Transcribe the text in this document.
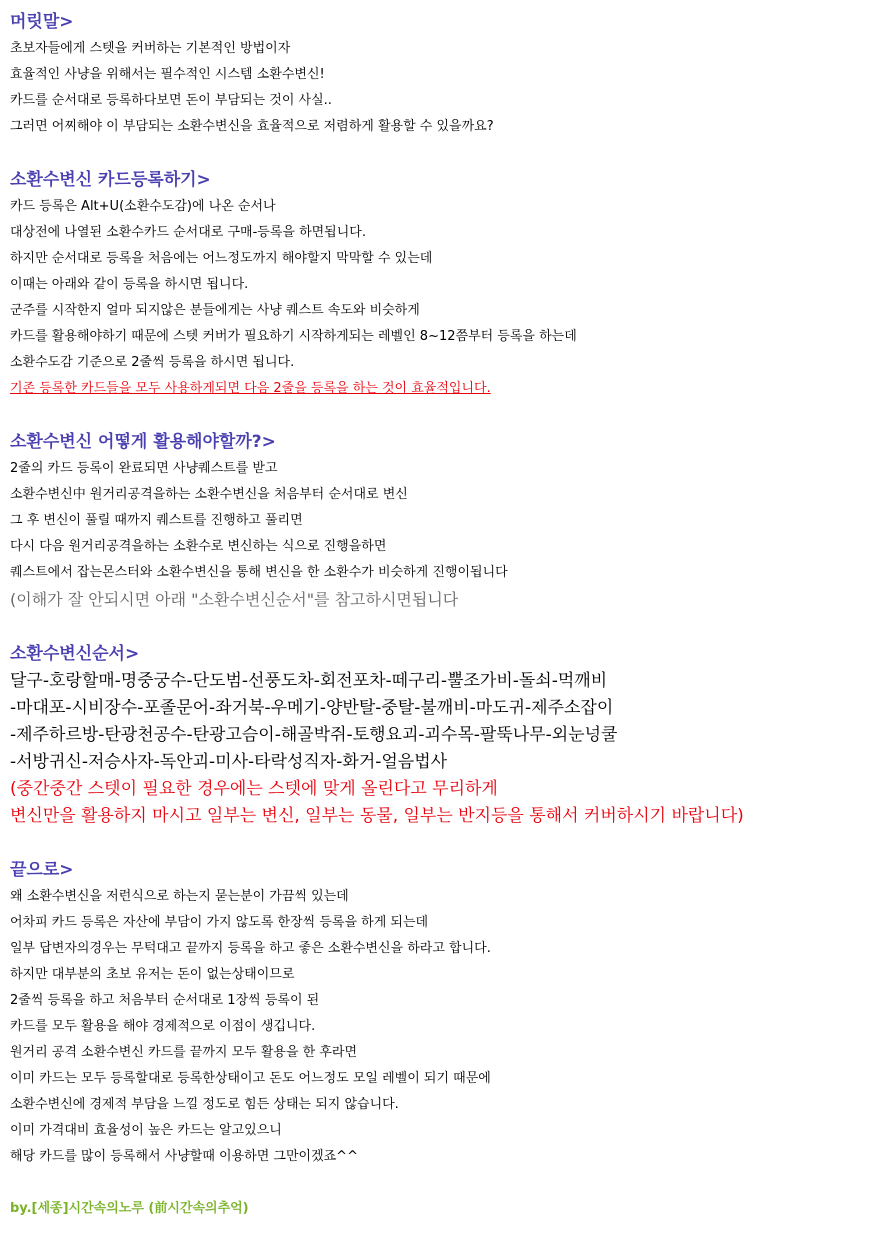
머릿말>
초보자들에게 스텟을 커버하는 기본적인 방법이자
효율적인 사냥을 위해서는 필수적인 시스템 소환수변신!
카드를 순서대로 등록하다보면 돈이 부담되는 것이 사실..
그러면 어찌해야 이 부담되는 소환수변신을 효율적으로 저렴하게 활용할 수 있을까요?
소환수변신 카드등록하기>
카드 등록은 Alt+U(소환수도감)에 나온 순서나
대상전에 나열된 소환수카드 순서대로 구매-등록을 하면됩니다.
하지만 순서대로 등록을 처음에는 어느정도까지 해야할지 막막할 수 있는데
이때는 아래와 같이 등록을 하시면 됩니다.
군주를 시작한지 얼마 되지않은 분들에게는 사냥 퀘스트 속도와 비슷하게
카드를 활용해야하기 때문에 스텟 커버가 필요하기 시작하게되는 레벨인 8~12쯤부터 등록을 하는데
소환수도감 기준으로 2줄씩 등록을 하시면 됩니다.
기존 등록한 카드들을 모두 사용하게되면 다음 2줄을 등록을 하는 것이 효율적입니다.
소환수변신 어떻게 활용해야할까?>
2줄의 카드 등록이 완료되면 사냥퀘스트를 받고
소환수변신中 원거리공격을하는 소환수변신을 처음부터 순서대로 변신
그 후 변신이 풀릴 때까지 퀘스트를 진행하고 풀리면
다시 다음 원거리공격을하는 소환수로 변신하는 식으로 진행을하면
퀘스트에서 잡는몬스터와 소환수변신을 통해 변신을 한 소환수가 비슷하게 진행이됩니다
(이해가 잘 안되시면 아래 "소환수변신순서"를 참고하시면됩니다
소환수변신순서>
달구-호랑할매-명중궁수-단도범-선풍도차-회전포차-떼구리-뿔조가비-돌쇠-먹깨비
-마대포-시비장수-포졸문어-좌거북-우메기-양반탈-중탈-불깨비-마도귀-제주소잡이
-제주하르방-탄광천공수-탄광고슴이-해골박쥐-토행요괴-괴수목-팔뚝나무-외눈넝쿨
-서방귀신-저승사자-독안괴-미사-타락성직자-화거-얼음법사
(중간중간 스텟이 필요한 경우에는 스텟에 맞게 올린다고 무리하게
변신만을 활용하지 마시고 일부는 변신, 일부는 동물, 일부는 반지등을 통해서 커버하시기 바랍니다)
끝으로>
왜 소환수변신을 저런식으로 하는지 묻는분이 가끔씩 있는데
어차피 카드 등록은 자산에 부담이 가지 않도록 한장씩 등록을 하게 되는데
일부 답변자의경우는 무턱대고 끝까지 등록을 하고 좋은 소환수변신을 하라고 합니다.
하지만 대부분의 초보 유저는 돈이 없는상태이므로
2줄씩 등록을 하고 처음부터 순서대로 1장씩 등록이 된
카드를 모두 활용을 해야 경제적으로 이점이 생깁니다.
원거리 공격 소환수변신 카드를 끝까지 모두 활용을 한 후라면
이미 카드는 모두 등록할대로 등록한상태이고 돈도 어느정도 모일 레벨이 되기 때문에
소환수변신에 경제적 부담을 느낄 정도로 힘든 상태는 되지 않습니다.
이미 가격대비 효율성이 높은 카드는 알고있으니
해당 카드를 많이 등록해서 사냥할때 이용하면 그만이겠죠^^
by.[세종]시간속의노루 (前시간속의추억)
